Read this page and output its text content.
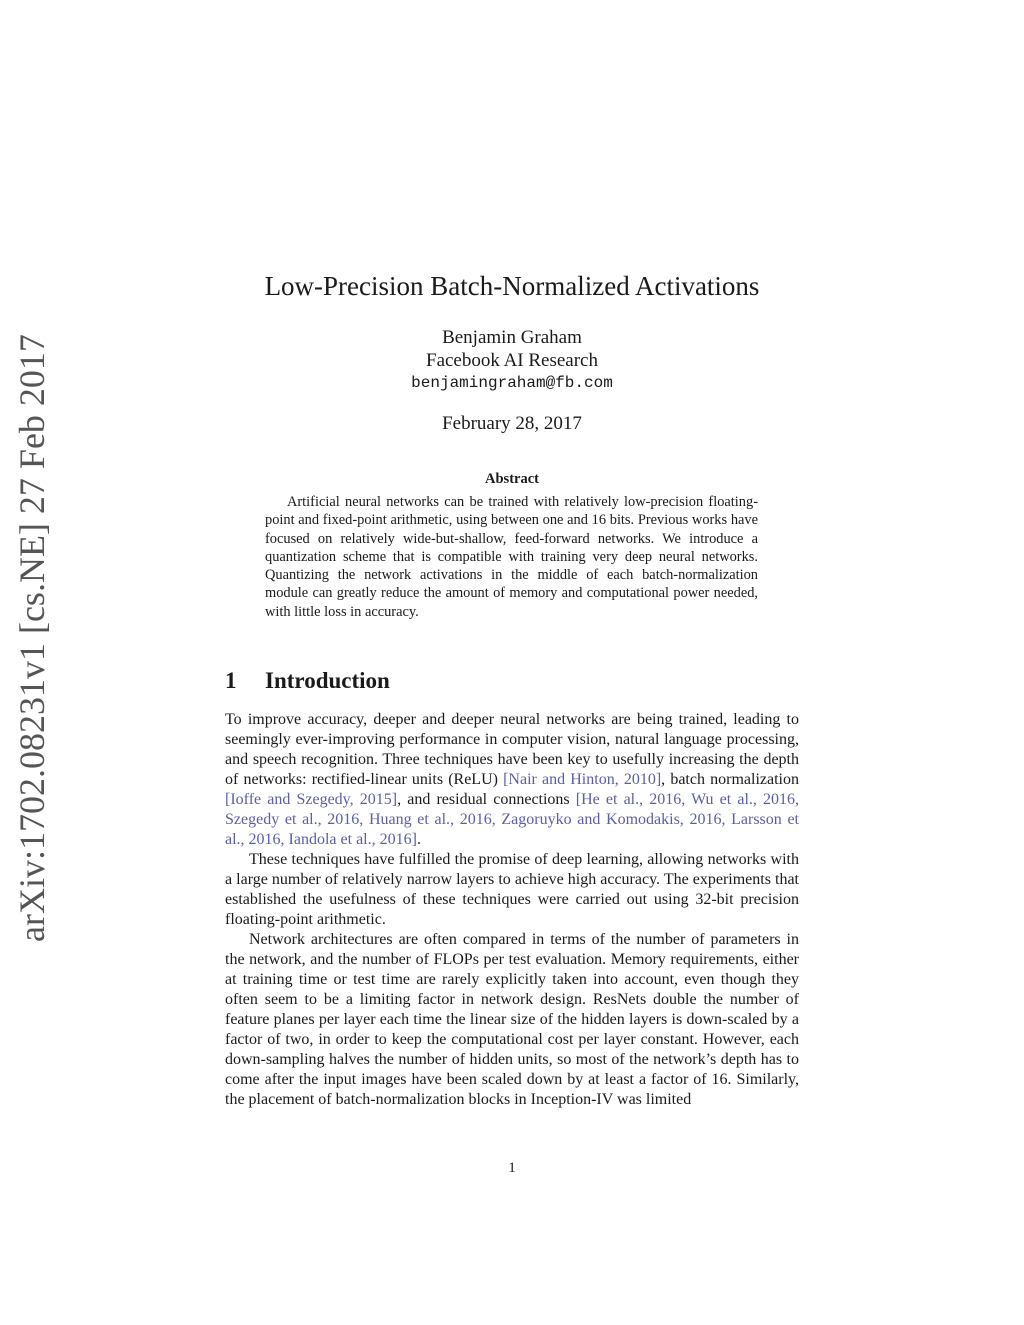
arXiv:1702.08231v1 [cs.NE] 27 Feb 2017
Low-Precision Batch-Normalized Activations
Benjamin Graham
Facebook AI Research
benjamingraham@fb.com
February 28, 2017
Abstract

Artificial neural networks can be trained with relatively low-precision floating-point and fixed-point arithmetic, using between one and 16 bits. Previous works have focused on relatively wide-but-shallow, feed-forward networks. We introduce a quantization scheme that is compatible with training very deep neural networks. Quantizing the network activations in the middle of each batch-normalization module can greatly reduce the amount of memory and computational power needed, with little loss in accuracy.

1 Introduction

To improve accuracy, deeper and deeper neural networks are being trained, leading to seemingly ever-improving performance in computer vision, natural language processing, and speech recognition. Three techniques have been key to usefully increasing the depth of networks: rectified-linear units (ReLU) [Nair and Hinton, 2010], batch normalization [Ioffe and Szegedy, 2015], and residual connections [He et al., 2016, Wu et al., 2016, Szegedy et al., 2016, Huang et al., 2016, Zagoruyko and Komodakis, 2016, Larsson et al., 2016, Iandola et al., 2016].

These techniques have fulfilled the promise of deep learning, allowing networks with a large number of relatively narrow layers to achieve high accuracy. The experiments that established the usefulness of these techniques were carried out using 32-bit precision floating-point arithmetic.

Network architectures are often compared in terms of the number of parameters in the network, and the number of FLOPs per test evaluation. Memory requirements, either at training time or test time are rarely explicitly taken into account, even though they often seem to be a limiting factor in network design. ResNets double the number of feature planes per layer each time the linear size of the hidden layers is down-scaled by a factor of two, in order to keep the computational cost per layer constant. However, each down-sampling halves the number of hidden units, so most of the network’s depth has to come after the input images have been scaled down by at least a factor of 16. Similarly, the placement of batch-normalization blocks in Inception-IV was limited

1
